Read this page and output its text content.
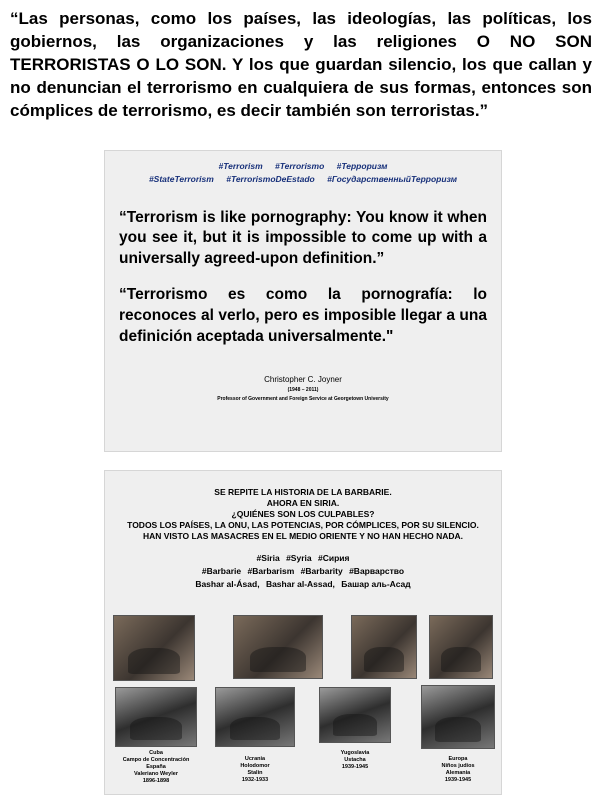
“Las personas, como los países, las ideologías, las políticas, los gobiernos, las organizaciones y las religiones O NO SON TERRORISTAS O LO SON. Y los que guardan silencio, los que callan y no denuncian el terrorismo en cualquiera de sus formas, entonces son cómplices de terrorismo, es decir también son terroristas.”
#Terrorism #Terrorismo #Терроризм
#StateTerrorism #TerrorismoDeEstado #ГосударственныйТерроризм
“Terrorism is like pornography: You know it when you see it, but it is impossible to come up with a universally agreed-upon definition.”
“Terrorismo es como la pornografía: lo reconoces al verlo, pero es imposible llegar a una definición aceptada universalmente."
Christopher C. Joyner
(1948 – 2011)
Professor of Government and Foreign Service at Georgetown University
SE REPITE LA HISTORIA DE LA BARBARIE.
AHORA EN SIRIA.
¿QUIÉNES SON LOS CULPABLES?
TODOS LOS PAÍSES, LA ONU, LAS POTENCIAS, POR CÓMPLICES, POR SU SILENCIO.
HAN VISTO LAS MASACRES EN EL MEDIO ORIENTE Y NO HAN HECHO NADA.
#Siria #Syria #Сирия
#Barbarie #Barbarism #Barbarity #Варварство
Bashar al-Ásad, Bashar al-Assad, Башар аль-Асад
Cuba
Campo de Concentración
España
Valeriano Weyler
1896-1898
Ucrania
Holodomor
Stalin
1932-1933
Yugoslavia
Ustacha
1939-1945
Europa
Niños judíos
Alemania
1939-1945
